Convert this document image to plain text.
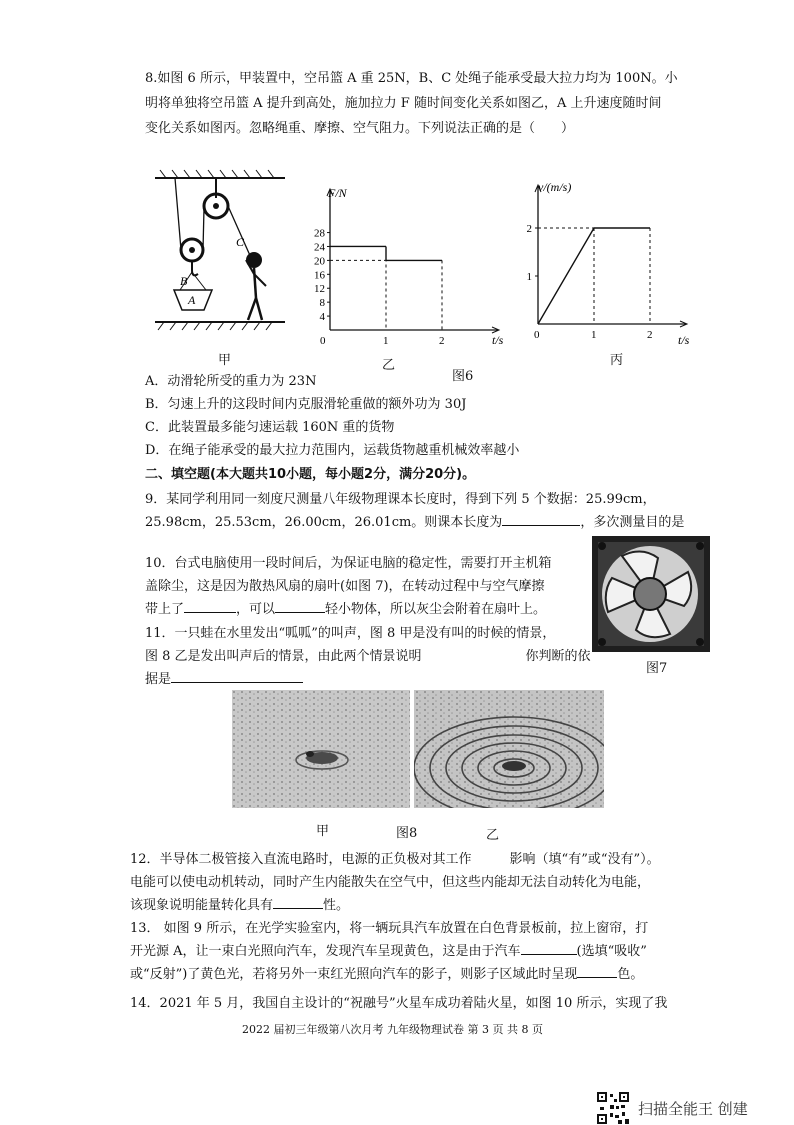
8.如图 6 所示，甲装置中，空吊篮 A 重 25N，B、C 处绳子能承受最大拉力均为 100N。小
明将单独将空吊篮 A 提升到高处，施加拉力 F 随时间变化关系如图乙，A 上升速度随时间
变化关系如图丙。忽略绳重、摩擦、空气阻力。下列说法正确的是（　　）
A
B
C
甲
28
24
20
16
12
8
4
0	1	2
F/N
t/s
乙
2
1
0	1	2
v/(m/s)
t/s
图6
丙
A．动滑轮所受的重力为 23N
B．匀速上升的这段时间内克服滑轮重做的额外功为 30J
C．此装置最多能匀速运载 160N 重的货物
D．在绳子能承受的最大拉力范围内，运载货物越重机械效率越小
二、填空题(本大题共10小题，每小题2分，满分20分)。
9．某同学利用同一刻度尺测量八年级物理课本长度时，得到下列 5 个数据：25.99cm，
25.98cm，25.53cm，26.00cm，26.01cm。则课本长度为	，多次测量目的是
10．台式电脑使用一段时间后，为保证电脑的稳定性，需要打开主机箱
盖除尘，这是因为散热风扇的扇叶(如图 7)，在转动过程中与空气摩擦
带上了	，可以	轻小物体，所以灰尘会附着在扇叶上。
图7
11．一只蛙在水里发出“呱呱”的叫声，图 8 甲是没有叫的时候的情景，
图 8 乙是发出叫声后的情景，由此两个情景说明	你判断的依
据是
甲	图8	乙
12．半导体二极管接入直流电路时，电源的正负极对其工作	影响（填“有”或“没有”）。
电能可以使电动机转动，同时产生内能散失在空气中，但这些内能却无法自动转化为电能，
该现象说明能量转化具有	性。
13． 如图 9 所示，在光学实验室内，将一辆玩具汽车放置在白色背景板前，拉上窗帘，打
开光源 A，让一束白光照向汽车，发现汽车呈现黄色，这是由于汽车	(选填“吸收”
或“反射”)了黄色光，若将另外一束红光照向汽车的影子，则影子区域此时呈现	色。
14．2021 年 5 月，我国自主设计的“祝融号”火星车成功着陆火星，如图 10 所示，实现了我
2022 届初三年级第八次月考 九年级物理试卷 第 3 页 共 8 页
扫描全能王 创建
